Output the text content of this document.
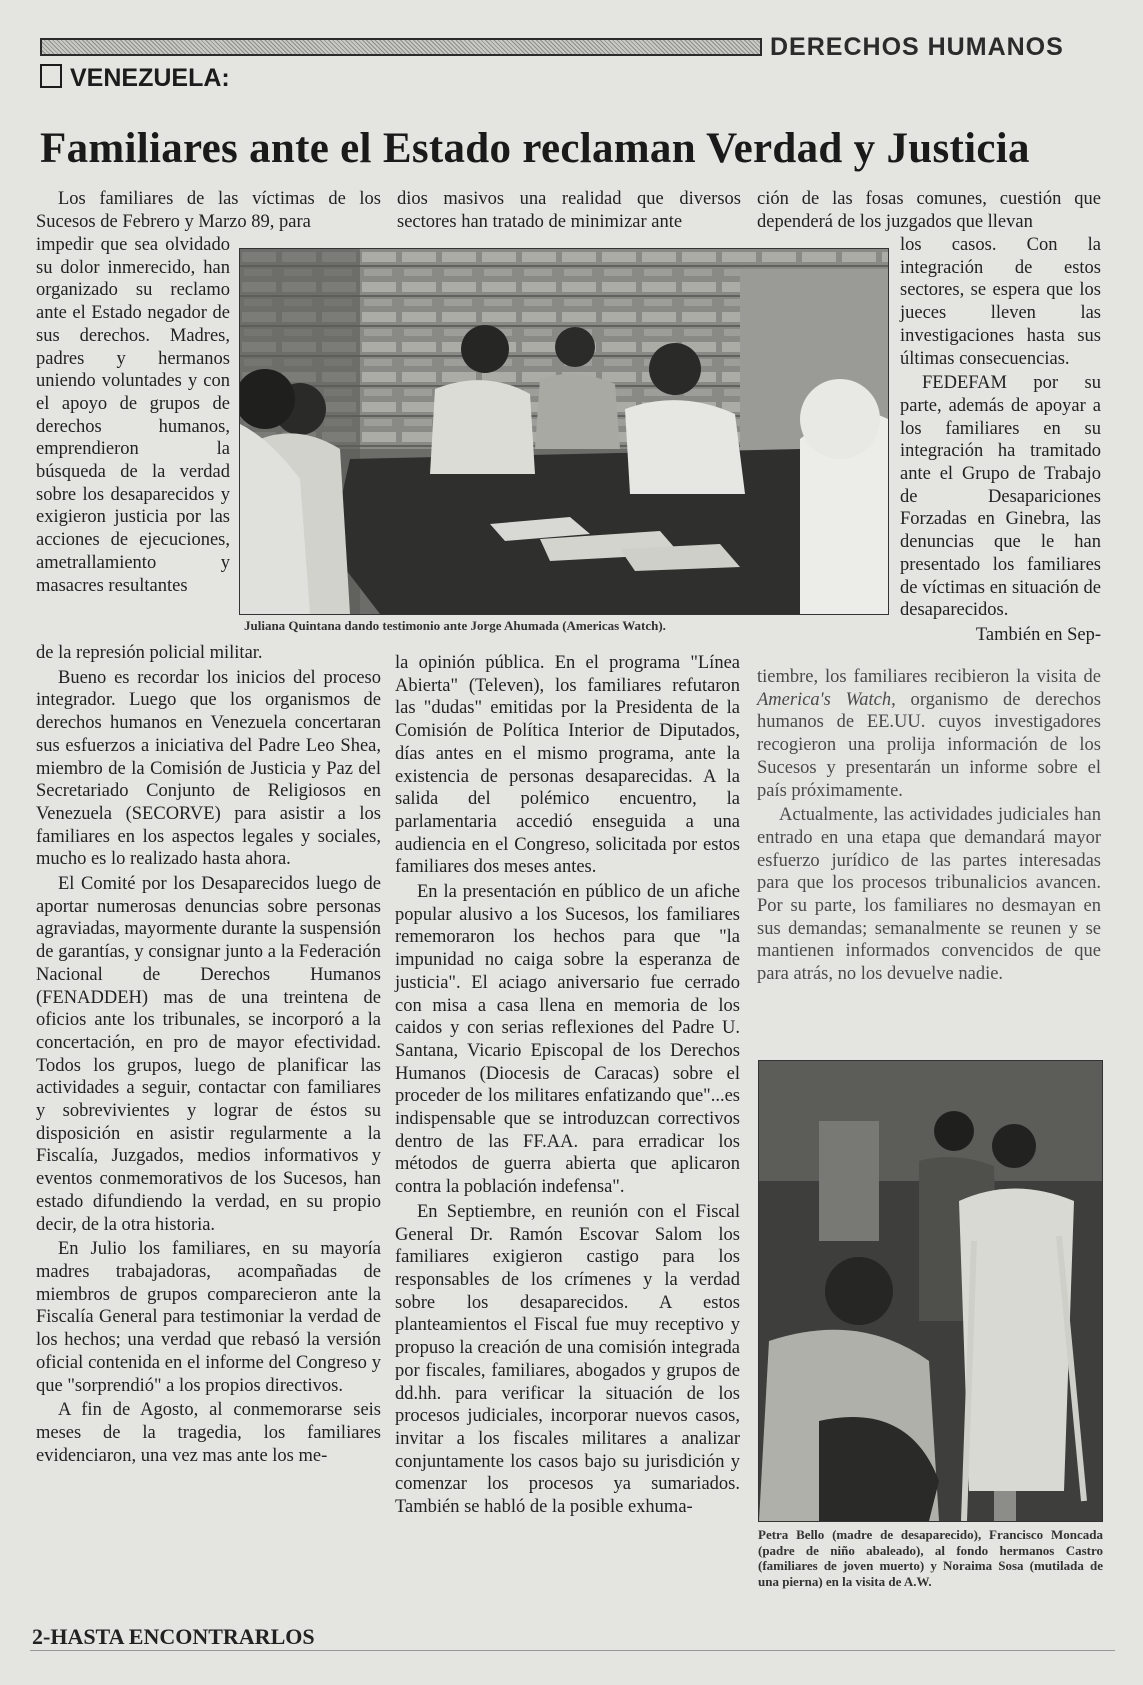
DERECHOS HUMANOS
VENEZUELA:
Familiares ante el Estado reclaman Verdad y Justicia

Los familiares de las víctimas de los Sucesos de Febrero y Marzo 89, para

impedir que sea olvidado su dolor inmerecido, han organizado su reclamo ante el Estado negador de sus derechos. Madres, padres y hermanos uniendo voluntades y con el apoyo de grupos de derechos humanos, emprendieron la búsqueda de la verdad sobre los desaparecidos y exigieron justicia por las acciones de ejecuciones, ametrallamiento y masacres resultantes

de la represión policial militar.

Bueno es recordar los inicios del proceso integrador. Luego que los organismos de derechos humanos en Venezuela concertaran sus esfuerzos a iniciativa del Padre Leo Shea, miembro de la Comisión de Justicia y Paz del Secretariado Conjunto de Religiosos en Venezuela (SECORVE) para asistir a los familiares en los aspectos legales y sociales, mucho es lo realizado hasta ahora.

El Comité por los Desaparecidos luego de aportar numerosas denuncias sobre personas agraviadas, mayormente durante la suspensión de garantías, y consignar junto a la Federación Nacional de Derechos Humanos (FENADDEH) mas de una treintena de oficios ante los tribunales, se incorporó a la concertación, en pro de mayor efectividad. Todos los grupos, luego de planificar las actividades a seguir, contactar con familiares y sobrevivientes y lograr de éstos su disposición en asistir regularmente a la Fiscalía, Juzgados, medios informativos y eventos conmemorativos de los Sucesos, han estado difundiendo la verdad, en su propio decir, de la otra historia.

En Julio los familiares, en su mayoría madres trabajadoras, acompañadas de miembros de grupos comparecieron ante la Fiscalía General para testimoniar la verdad de los hechos; una verdad que rebasó la versión oficial contenida en el informe del Congreso y que "sorprendió" a los propios directivos.

A fin de Agosto, al conmemorarse seis meses de la tragedia, los familiares evidenciaron, una vez mas ante los me-

dios masivos una realidad que diversos sectores han tratado de minimizar ante

la opinión pública. En el programa "Línea Abierta" (Televen), los familiares refutaron las "dudas" emitidas por la Presidenta de la Comisión de Política Interior de Diputados, días antes en el mismo programa, ante la existencia de personas desaparecidas. A la salida del polémico encuentro, la parlamentaria accedió enseguida a una audiencia en el Congreso, solicitada por estos familiares dos meses antes.

En la presentación en público de un afiche popular alusivo a los Sucesos, los familiares rememoraron los hechos para que "la impunidad no caiga sobre la esperanza de justicia". El aciago aniversario fue cerrado con misa a casa llena en memoria de los caidos y con serias reflexiones del Padre U. Santana, Vicario Episcopal de los Derechos Humanos (Diocesis de Caracas) sobre el proceder de los militares enfatizando que"...es indispensable que se introduzcan correctivos dentro de las FF.AA. para erradicar los métodos de guerra abierta que aplicaron contra la población indefensa".

En Septiembre, en reunión con el Fiscal General Dr. Ramón Escovar Salom los familiares exigieron castigo para los responsables de los crímenes y la verdad sobre los desaparecidos. A estos planteamientos el Fiscal fue muy receptivo y propuso la creación de una comisión integrada por fiscales, familiares, abogados y grupos de dd.hh. para verificar la situación de los procesos judiciales, incorporar nuevos casos, invitar a los fiscales militares a analizar conjuntamente los casos bajo su jurisdición y comenzar los procesos ya sumariados. También se habló de la posible exhuma-

ción de las fosas comunes, cuestión que dependerá de los juzgados que llevan

los casos. Con la integración de estos sectores, se espera que los jueces lleven las investigaciones hasta sus últimas consecuencias.

FEDEFAM por su parte, además de apoyar a los familiares en su integración ha tramitado ante el Grupo de Trabajo de Desapariciones Forzadas en Ginebra, las denuncias que le han presentado los familiares de víctimas en situación de desaparecidos.

También en Sep-

tiembre, los familiares recibieron la visita de America's Watch, organismo de derechos humanos de EE.UU. cuyos investigadores recogieron una prolija información de los Sucesos y presentarán un informe sobre el país próximamente.

Actualmente, las actividades judiciales han entrado en una etapa que demandará mayor esfuerzo jurídico de las partes interesadas para que los procesos tribunalicios avancen. Por su parte, los familiares no desmayan en sus demandas; semanalmente se reunen y se mantienen informados convencidos de que para atrás, no los devuelve nadie.

Juliana Quintana dando testimonio ante Jorge Ahumada (Americas Watch).
Petra Bello (madre de desaparecido), Francisco Moncada (padre de niño abaleado), al fondo hermanos Castro (familiares de joven muerto) y Noraima Sosa (mutilada de una pierna) en la visita de A.W.
2-HASTA ENCONTRARLOS
